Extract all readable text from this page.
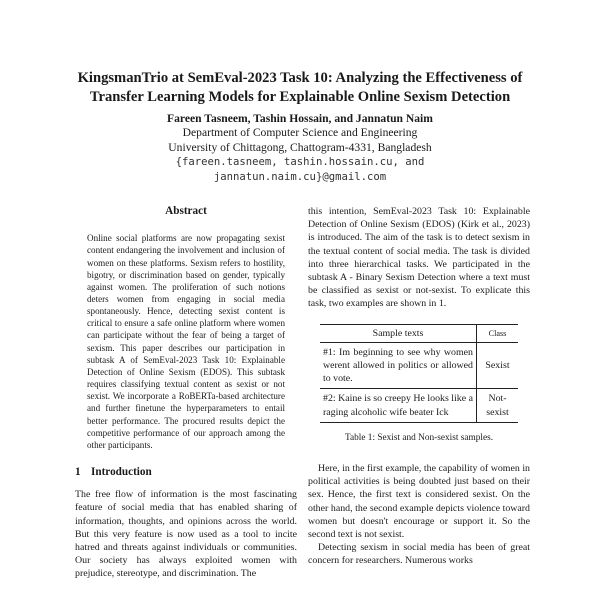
KingsmanTrio at SemEval-2023 Task 10: Analyzing the Effectiveness of
Transfer Learning Models for Explainable Online Sexism Detection
Fareen Tasneem, Tashin Hossain, and Jannatun Naim
Department of Computer Science and Engineering
University of Chittagong, Chattogram-4331, Bangladesh
{fareen.tasneem, tashin.hossain.cu, and
jannatun.naim.cu}@gmail.com
Abstract

Online social platforms are now propagating sexist content endangering the involvement and inclusion of women on these platforms. Sexism refers to hostility, bigotry, or discrimination based on gender, typically against women. The proliferation of such notions deters women from engaging in social media spontaneously. Hence, detecting sexist content is critical to ensure a safe online platform where women can participate without the fear of being a target of sexism. This paper describes our participation in subtask A of SemEval-2023 Task 10: Explainable Detection of Online Sexism (EDOS). This subtask requires classifying textual content as sexist or not sexist. We incorporate a RoBERTa-based architecture and further finetune the hyperparameters to entail better performance. The procured results depict the competitive performance of our approach among the other participants.

1 Introduction

The free flow of information is the most fascinating feature of social media that has enabled sharing of information, thoughts, and opinions across the world. But this very feature is now used as a tool to incite hatred and threats against individuals or communities. Our society has always exploited women with prejudice, stereotype, and discrimination. The

this intention, SemEval-2023 Task 10: Explainable Detection of Online Sexism (EDOS) (Kirk et al., 2023) is introduced. The aim of the task is to detect sexism in the textual content of social media. The task is divided into three hierarchical tasks. We participated in the subtask A - Binary Sexism Detection where a text must be classified as sexist or not-sexist. To explicate this task, two examples are shown in 1.

Sample texts	Class
#1: Im beginning to see why women werent allowed in politics or allowed to vote.	Sexist
#2: Kaine is so creepy He looks like a raging alcoholic wife beater Ick	Not-sexist
Table 1: Sexist and Non-sexist samples.

Here, in the first example, the capability of women in political activities is being doubted just based on their sex. Hence, the first text is considered sexist. On the other hand, the second example depicts violence toward women but doesn't encourage or support it. So the second text is not sexist.

Detecting sexism in social media has been of great concern for researchers. Numerous works
